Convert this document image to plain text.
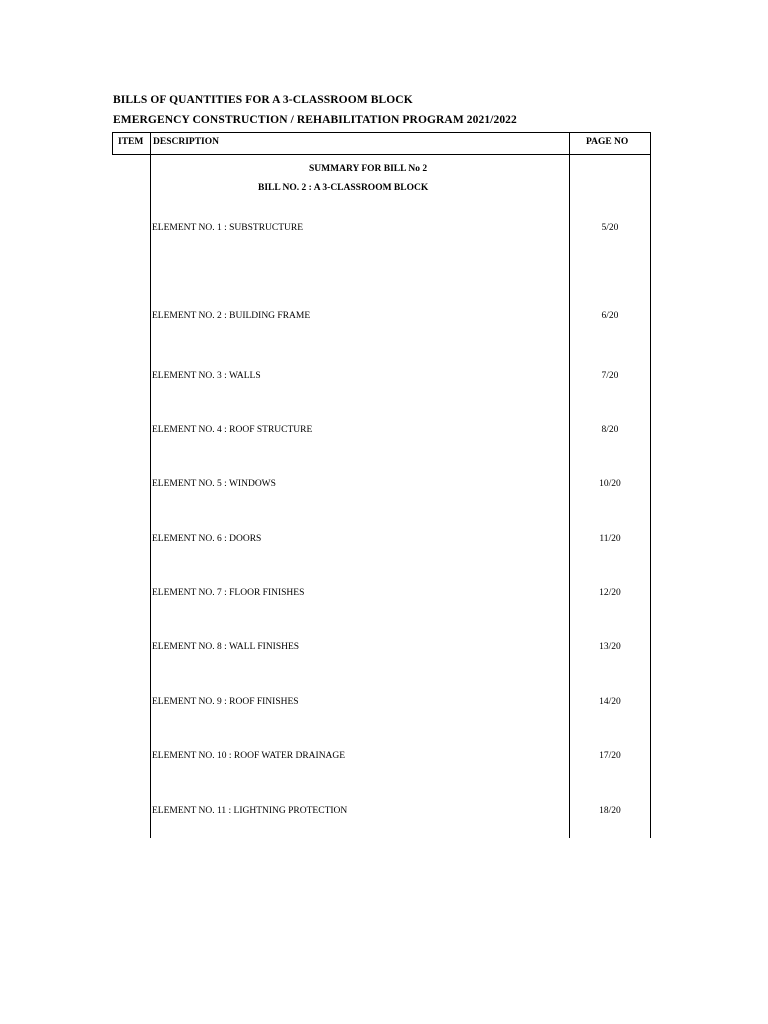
BILLS OF QUANTITIES FOR A 3-CLASSROOM BLOCK
EMERGENCY CONSTRUCTION / REHABILITATION PROGRAM 2021/2022
ITEM DESCRIPTION	PAGE NO
SUMMARY FOR BILL No 2
BILL NO. 2 : A 3-CLASSROOM BLOCK
ELEMENT NO. 1 : SUBSTRUCTURE	5/20
ELEMENT NO. 2 : BUILDING FRAME	6/20
ELEMENT NO. 3 : WALLS	7/20
ELEMENT NO. 4 : ROOF STRUCTURE	8/20
ELEMENT NO. 5 : WINDOWS	10/20
ELEMENT NO. 6 : DOORS	11/20
ELEMENT NO. 7 : FLOOR FINISHES	12/20
ELEMENT NO. 8 : WALL FINISHES	13/20
ELEMENT NO. 9 : ROOF FINISHES	14/20
ELEMENT NO. 10 : ROOF WATER DRAINAGE	17/20
ELEMENT NO. 11 : LIGHTNING PROTECTION	18/20
